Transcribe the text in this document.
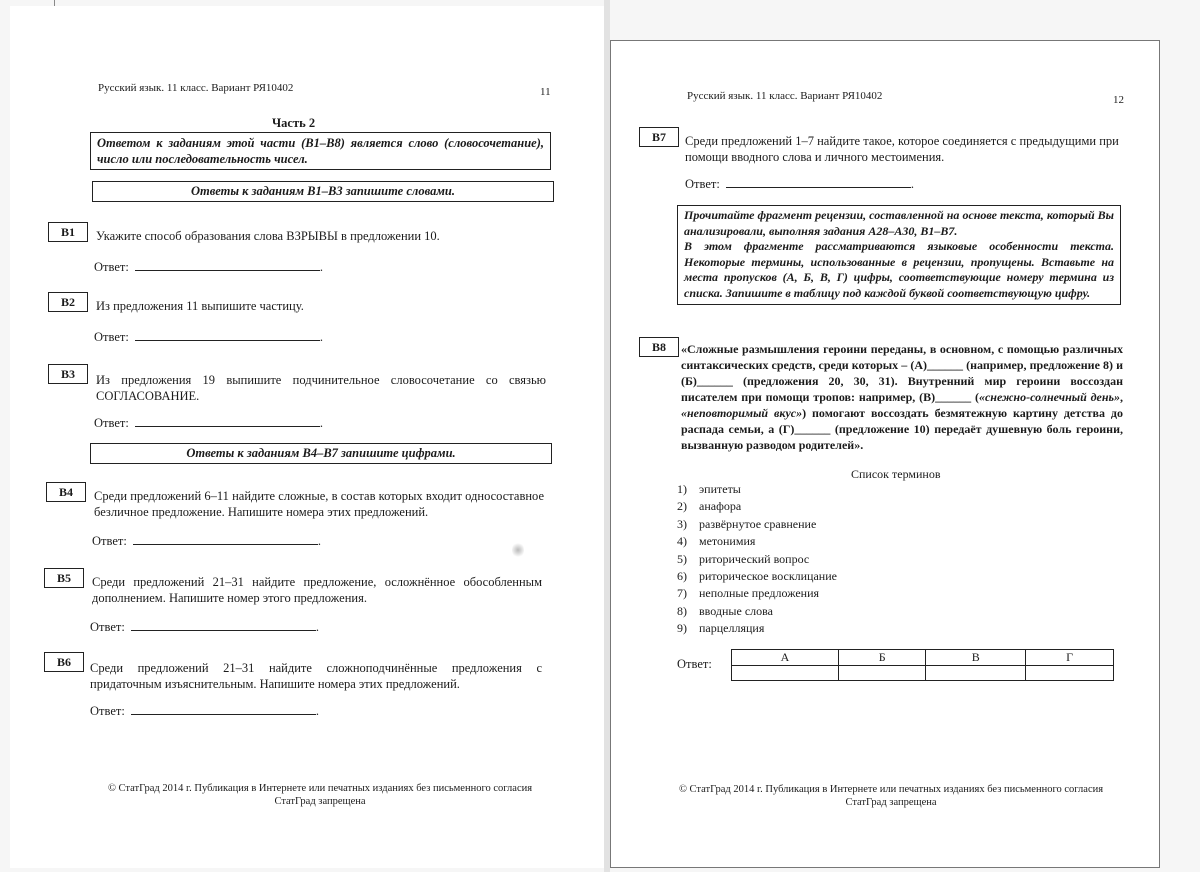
Русский язык. 11 класс. Вариант РЯ10402	11
Часть 2
Ответом к заданиям этой части (В1–В8) является слово (словосочетание), число или последовательность чисел.
Ответы к заданиям В1–В3 запишите словами.
B1	Укажите способ образования слова ВЗРЫВЫ в предложении 10.
Ответ:	.
B2	Из предложения 11 выпишите частицу.
Ответ:	.
B3	Из предложения 19 выпишите подчинительное словосочетание со связью СОГЛАСОВАНИЕ.
Ответ:	.
Ответы к заданиям В4–В7 запишите цифрами.
B4	Среди предложений 6–11 найдите сложные, в состав которых входит односоставное безличное предложение. Напишите номера этих предложений.
Ответ:	.
B5	Среди предложений 21–31 найдите предложение, осложнённое обособленным дополнением. Напишите номер этого предложения.
Ответ:	.
B6	Среди предложений 21–31 найдите сложноподчинённые предложения с придаточным изъяснительным. Напишите номера этих предложений.
Ответ:	.
© СтатГрад 2014 г. Публикация в Интернете или печатных изданиях без письменного согласия
СтатГрад запрещена
Русский язык. 11 класс. Вариант РЯ10402	12
B7	Среди предложений 1–7 найдите такое, которое соединяется с предыдущими при помощи вводного слова и личного местоимения.
Ответ:	.
Прочитайте фрагмент рецензии, составленной на основе текста, который Вы анализировали, выполняя задания А28–А30, В1–В7.
В этом фрагменте рассматриваются языковые особенности текста. Некоторые термины, использованные в рецензии, пропущены. Вставьте на места пропусков (А, Б, В, Г) цифры, соответствующие номеру термина из списка. Запишите в таблицу под каждой буквой соответствующую цифру.
B8	«Сложные размышления героини переданы, в основном, с помощью различных синтаксических средств, среди которых – (А)______ (например, предложение 8) и (Б)______ (предложения 20, 30, 31). Внутренний мир героини воссоздан писателем при помощи тропов: например, (В)______ («снежно-солнечный день», «неповторимый вкус») помогают воссоздать безмятежную картину детства до распада семьи, а (Г)______ (предложение 10) передаёт душевную боль героини, вызванную разводом родителей».
Список терминов
1) эпитеты
2) анафора
3) развёрнутое сравнение
4) метонимия
5) риторический вопрос
6) риторическое восклицание
7) неполные предложения
8) вводные слова
9) парцелляция
Ответ:	А	Б	В	Г

© СтатГрад 2014 г. Публикация в Интернете или печатных изданиях без письменного согласия
СтатГрад запрещена
